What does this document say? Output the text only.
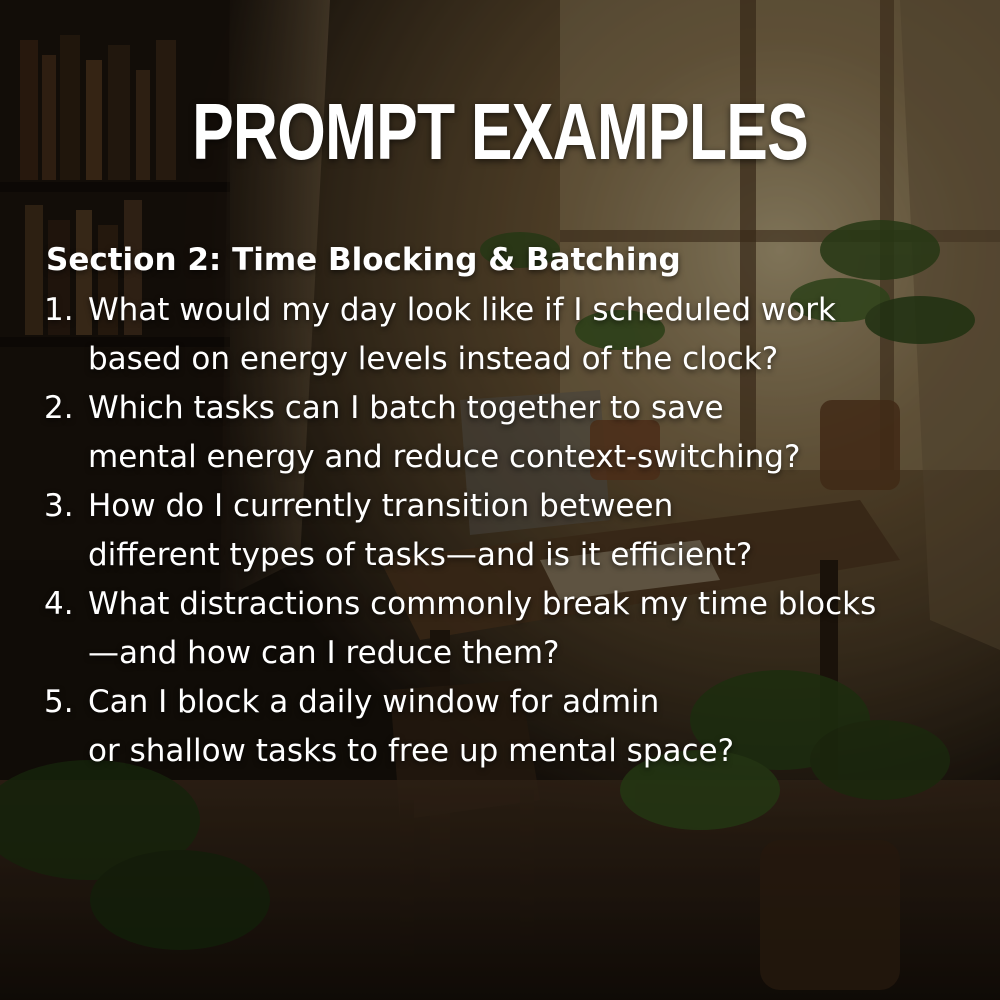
PROMPT EXAMPLES
Section 2: Time Blocking & Batching
1. What would my day look like if I scheduled work
based on energy levels instead of the clock?
2. Which tasks can I batch together to save
mental energy and reduce context-switching?
3. How do I currently transition between
different types of tasks—and is it efficient?
4. What distractions commonly break my time blocks
—and how can I reduce them?
5. Can I block a daily window for admin
or shallow tasks to free up mental space?
